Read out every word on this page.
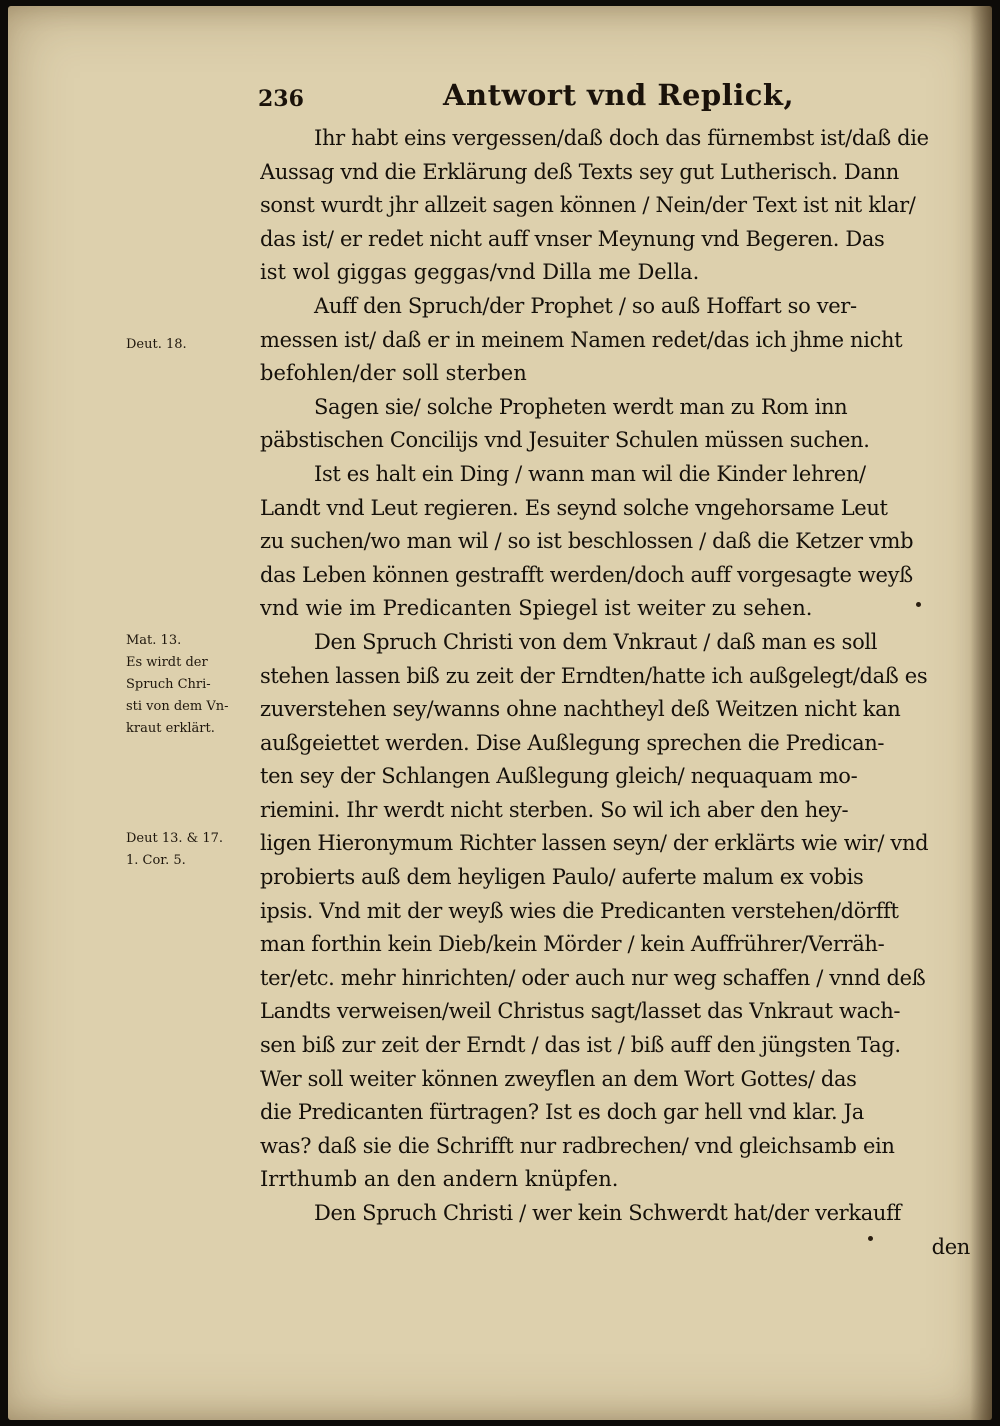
236	Antwort vnd Replick,
Ihr habt eins vergessen/daß doch das fürnembst ist/daß die
Aussag vnd die Erklärung deß Texts sey gut Lutherisch. Dann
sonst wurdt jhr allzeit sagen können / Nein/der Text ist nit klar/
das ist/ er redet nicht auff vnser Meynung vnd Begeren. Das
ist wol giggas geggas/vnd Dilla me Della.
Auff den Spruch/der Prophet / so auß Hoffart so ver-
messen ist/ daß er in meinem Namen redet/das ich jhme nicht
befohlen/der soll sterben
Sagen sie/ solche Propheten werdt man zu Rom inn
päbstischen Concilijs vnd Jesuiter Schulen müssen suchen.
Ist es halt ein Ding / wann man wil die Kinder lehren/
Landt vnd Leut regieren. Es seynd solche vngehorsame Leut
zu suchen/wo man wil / so ist beschlossen / daß die Ketzer vmb
das Leben können gestrafft werden/doch auff vorgesagte weyß
vnd wie im Predicanten Spiegel ist weiter zu sehen.
Den Spruch Christi von dem Vnkraut / daß man es soll
stehen lassen biß zu zeit der Erndten/hatte ich außgelegt/daß es
zuverstehen sey/wanns ohne nachtheyl deß Weitzen nicht kan
außgeiettet werden. Dise Außlegung sprechen die Predican-
ten sey der Schlangen Außlegung gleich/ nequaquam mo-
riemini. Ihr werdt nicht sterben. So wil ich aber den hey-
ligen Hieronymum Richter lassen seyn/ der erklärts wie wir/ vnd
probierts auß dem heyligen Paulo/ auferte malum ex vobis
ipsis. Vnd mit der weyß wies die Predicanten verstehen/dörfft
man forthin kein Dieb/kein Mörder / kein Auffrührer/Verräh-
ter/etc. mehr hinrichten/ oder auch nur weg schaffen / vnnd deß
Landts verweisen/weil Christus sagt/lasset das Vnkraut wach-
sen biß zur zeit der Erndt / das ist / biß auff den jüngsten Tag.
Wer soll weiter können zweyflen an dem Wort Gottes/ das
die Predicanten fürtragen? Ist es doch gar hell vnd klar. Ja
was? daß sie die Schrifft nur radbrechen/ vnd gleichsamb ein
Irrthumb an den andern knüpfen.
Den Spruch Christi / wer kein Schwerdt hat/der verkauff
den
Deut. 18.
Mat. 13.
Es wirdt der
Spruch Chri-
sti von dem Vn-
kraut erklärt.
Deut 13. & 17.
1. Cor. 5.
